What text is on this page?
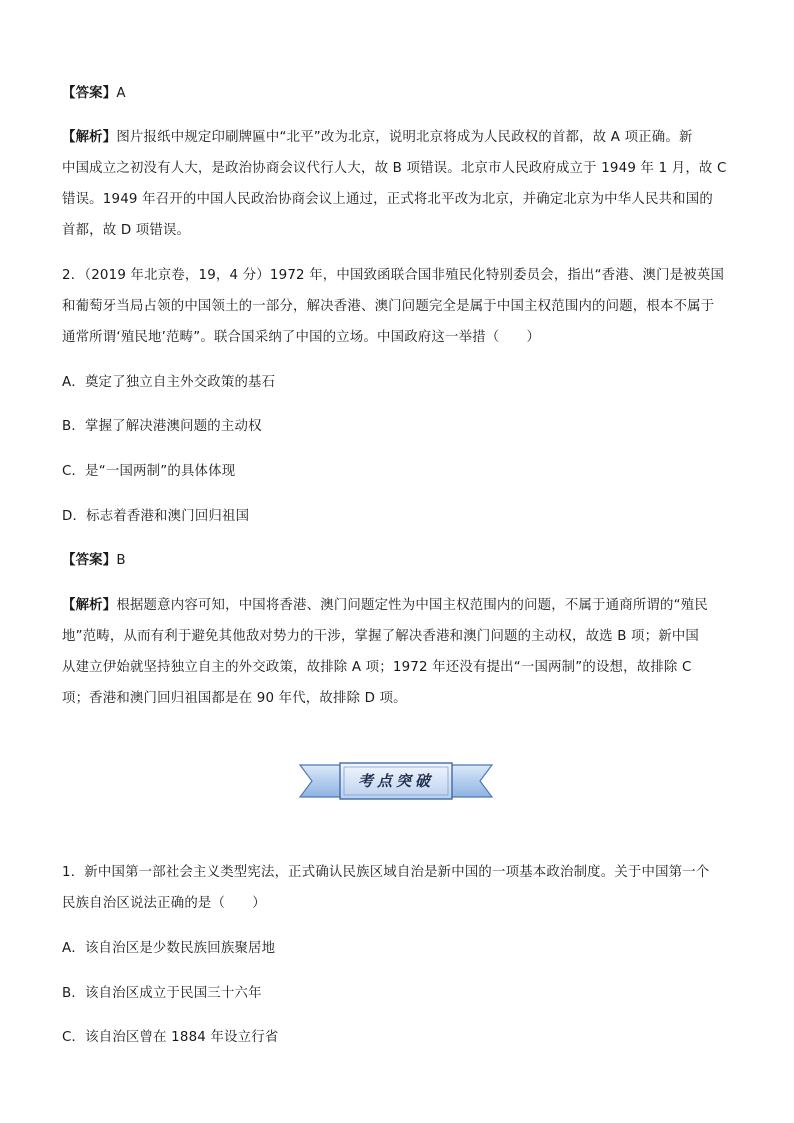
【答案】A
【解析】图片报纸中规定印刷牌匾中“北平”改为北京，说明北京将成为人民政权的首都，故 A 项正确。新
中国成立之初没有人大，是政治协商会议代行人大，故 B 项错误。北京市人民政府成立于 1949 年 1 月，故 C
错误。1949 年召开的中国人民政治协商会议上通过，正式将北平改为北京，并确定北京为中华人民共和国的
首都，故 D 项错误。
2．（2019 年北京卷，19，4 分）1972 年，中国致函联合国非殖民化特别委员会，指出“香港、澳门是被英国
和葡萄牙当局占领的中国领土的一部分，解决香港、澳门问题完全是属于中国主权范围内的问题，根本不属于
通常所谓‘殖民地’范畴”。联合国采纳了中国的立场。中国政府这一举措（　　）
A．奠定了独立自主外交政策的基石
B．掌握了解决港澳问题的主动权
C．是“一国两制”的具体体现
D．标志着香港和澳门回归祖国
【答案】B
【解析】根据题意内容可知，中国将香港、澳门问题定性为中国主权范围内的问题，不属于通商所谓的“殖民
地”范畴，从而有利于避免其他敌对势力的干涉，掌握了解决香港和澳门问题的主动权，故选 B 项；新中国
从建立伊始就坚持独立自主的外交政策，故排除 A 项；1972 年还没有提出“一国两制”的设想，故排除 C
项；香港和澳门回归祖国都是在 90 年代，故排除 D 项。
考点突破
1．新中国第一部社会主义类型宪法，正式确认民族区域自治是新中国的一项基本政治制度。关于中国第一个
民族自治区说法正确的是（　　）
A．该自治区是少数民族回族聚居地
B．该自治区成立于民国三十六年
C．该自治区曾在 1884 年设立行省
